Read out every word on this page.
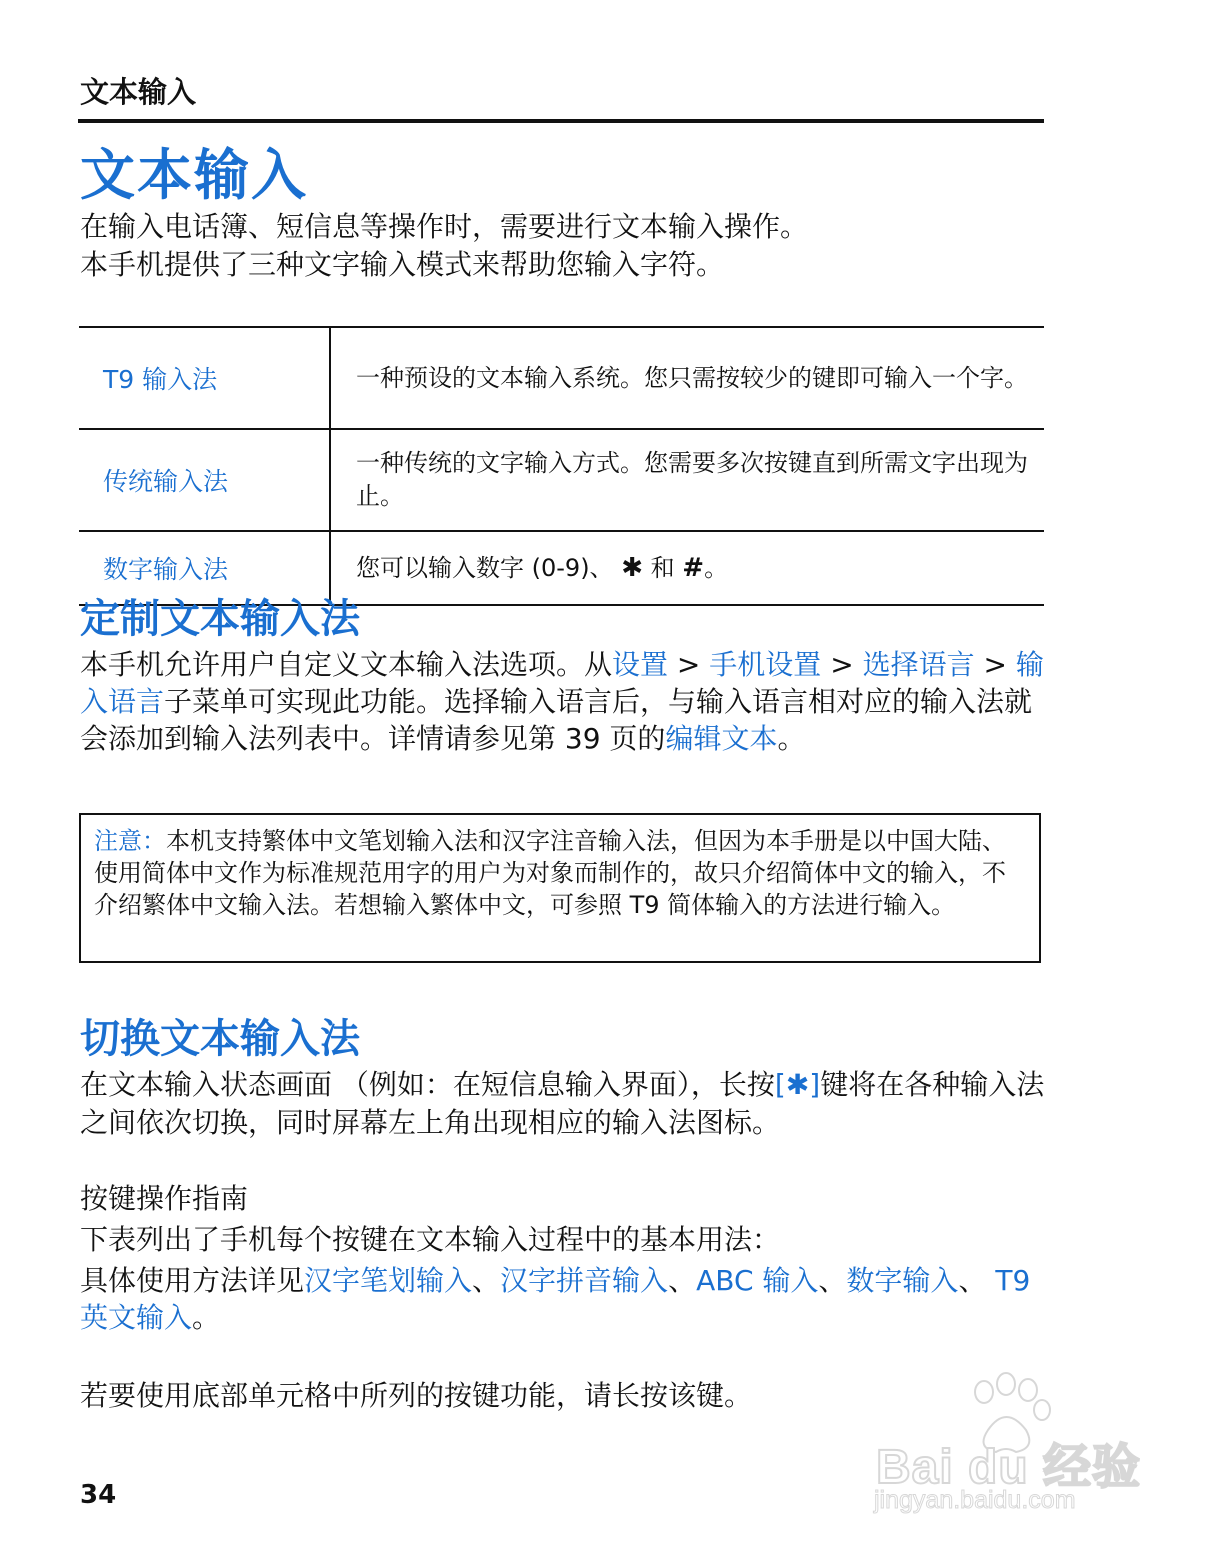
文本输入
文本输入
在输入电话簿、短信息等操作时，需要进行文本输入操作。
本手机提供了三种文字输入模式来帮助您输入字符。
T9 输入法	一种预设的文本输入系统。您只需按较少的键即可输入一个字。
传统输入法	一种传统的文字输入方式。您需要多次按键直到所需文字出现为止。
数字输入法	您可以输入数字 (0-9)、 ✱ 和 #。
定制文本输入法
本手机允许用户自定义文本输入法选项。从设置 > 手机设置 > 选择语言 > 输入语言子菜单可实现此功能。选择输入语言后，与输入语言相对应的输入法就会添加到输入法列表中。详情请参见第 39 页的编辑文本。
注意：本机支持繁体中文笔划输入法和汉字注音输入法，但因为本手册是以中国大陆、使用简体中文作为标准规范用字的用户为对象而制作的，故只介绍简体中文的输入，不介绍繁体中文输入法。若想输入繁体中文，可参照 T9 简体输入的方法进行输入。
切换文本输入法
在文本输入状态画面 （例如：在短信息输入界面），长按[✱]键将在各种输入法之间依次切换，同时屏幕左上角出现相应的输入法图标。
按键操作指南
下表列出了手机每个按键在文本输入过程中的基本用法：
具体使用方法详见汉字笔划输入、汉字拼音输入、ABC 输入、数字输入、 T9 英文输入。
若要使用底部单元格中所列的按键功能，请长按该键。
34
Bai du 经验
jingyan.baidu.com
